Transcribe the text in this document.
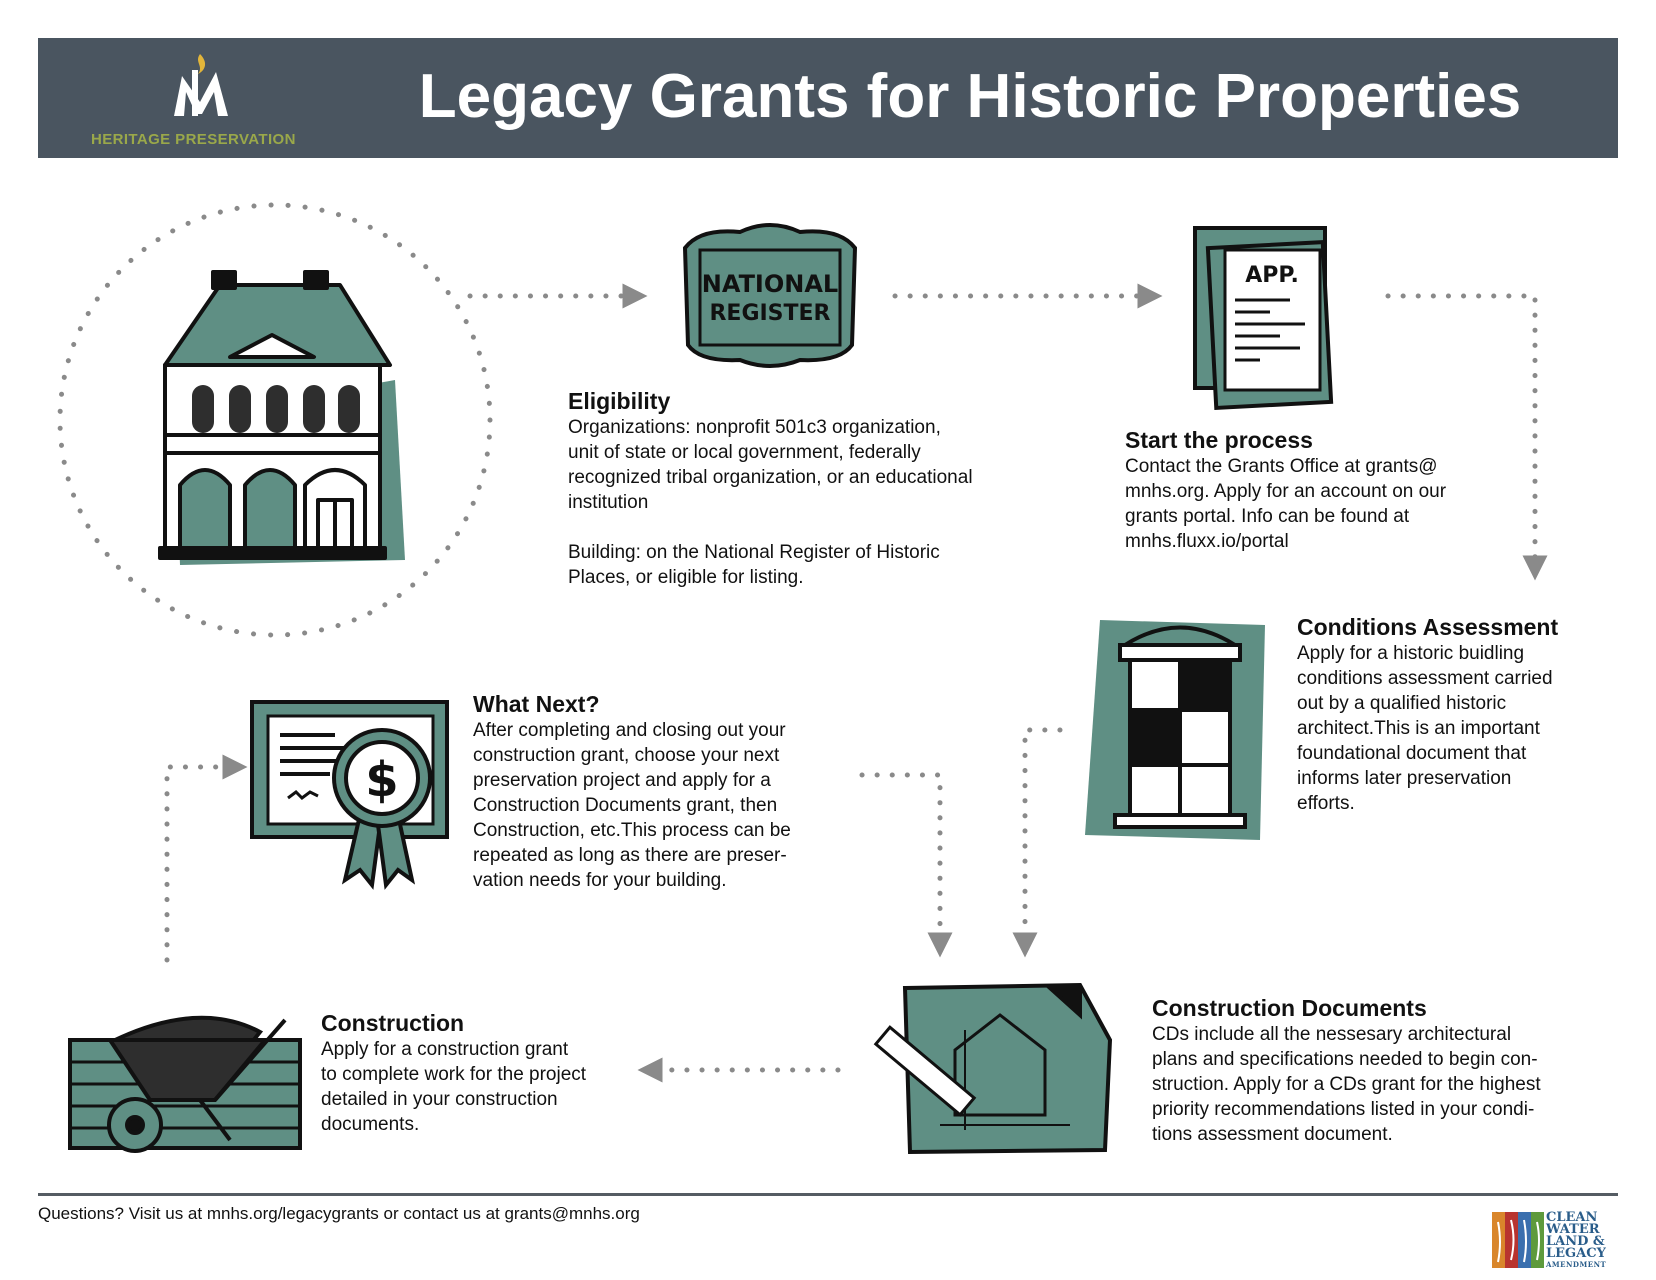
HERITAGE PRESERVATION
Legacy Grants for Historic Properties
NATIONAL
REGISTER
APP.
$
Eligibility

Organizations: nonprofit 501c3 organization,
unit of state or local government, federally
recognized tribal organization, or an educational
institution

Building: on the National Register of Historic
Places, or eligible for listing.

Start the process

Contact the Grants Office at grants@
mnhs.org. Apply for an account on our
grants portal. Info can be found at
mnhs.fluxx.io/portal

Conditions Assessment

Apply for a historic buidling
conditions assessment carried
out by a qualified historic
architect.This is an important
foundational document that
informs later preservation
efforts.

What Next?

After completing and closing out your
construction grant, choose your next
preservation project and apply for a
Construction Documents grant, then
Construction, etc.This process can be
repeated as long as there are preser-
vation needs for your building.

Construction Documents

CDs include all the nessesary architectural
plans and specifications needed to begin con-
struction. Apply for a CDs grant for the highest
priority recommendations listed in your condi-
tions assessment document.

Construction

Apply for a construction grant
to complete work for the project
detailed in your construction
documents.

Questions? Visit us at mnhs.org/legacygrants or contact us at grants@mnhs.org	CLEAN
WATER
LAND &
LEGACY
AMENDMENT
